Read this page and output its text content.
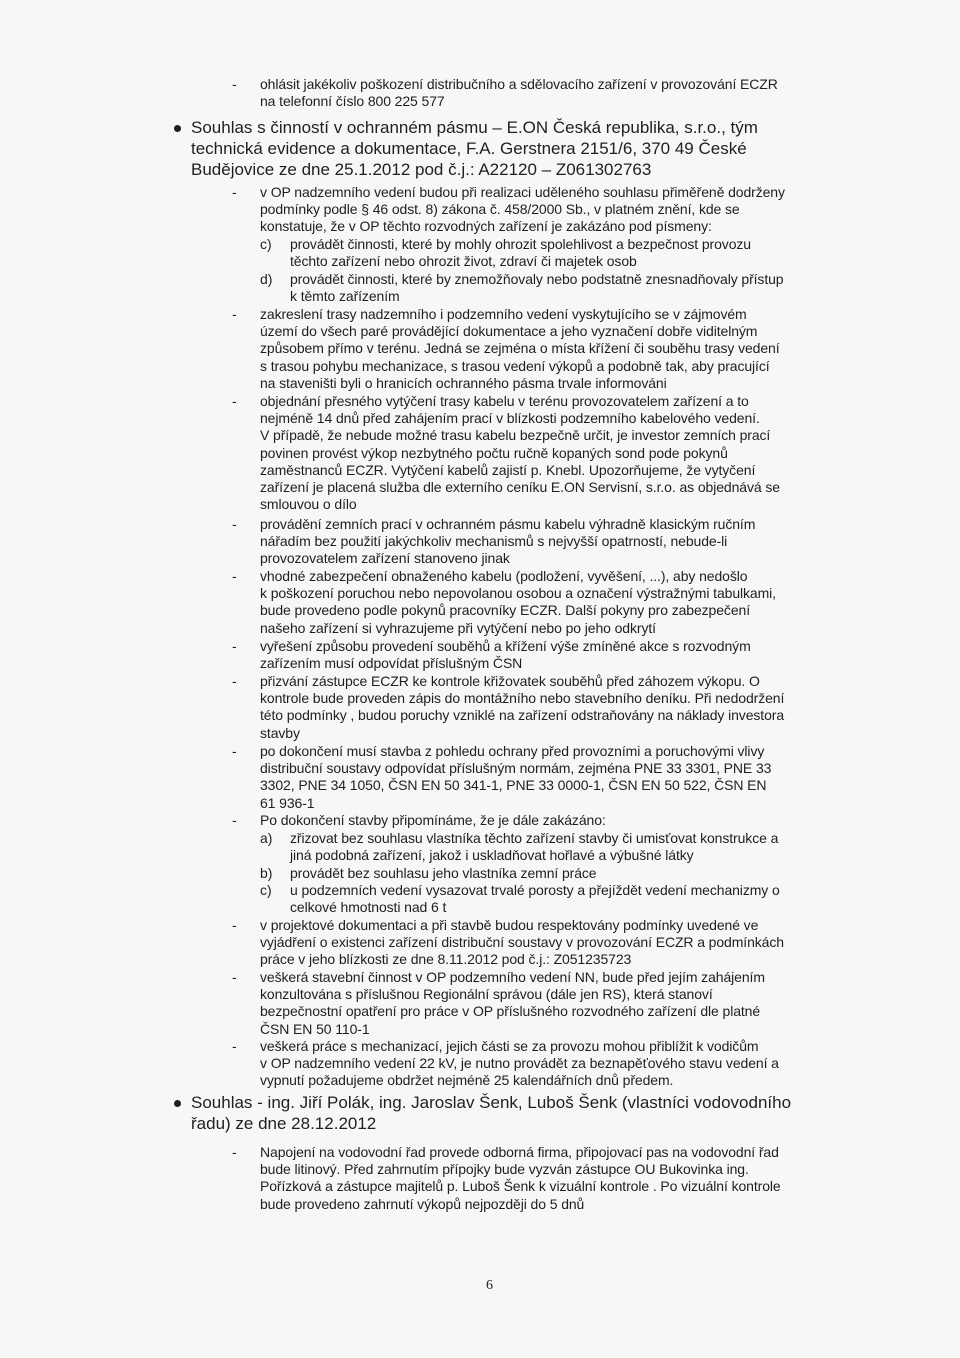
- ohlásit jakékoliv poškození distribučního a sdělovacího zařízení v provozování ECZR
na telefonní číslo 800 225 577
Souhlas s činností v ochranném pásmu – E.ON Česká republika, s.r.o., tým
technická evidence a dokumentace, F.A. Gerstnera 2151/6, 370 49 České
Budějovice ze dne 25.1.2012 pod č.j.: A22120 – Z061302763
- v OP nadzemního vedení budou při realizaci uděleného souhlasu přiměřeně dodrženy
podmínky podle § 46 odst. 8) zákona č. 458/2000 Sb., v platném znění, kde se
konstatuje, že v OP těchto rozvodných zařízení je zakázáno pod písmeny:
c) provádět činnosti, které by mohly ohrozit spolehlivost a bezpečnost provozu
těchto zařízení nebo ohrozit život, zdraví či majetek osob
d) provádět činnosti, které by znemožňovaly nebo podstatně znesnadňovaly přístup
k těmto zařízením
- zakreslení trasy nadzemního i podzemního vedení vyskytujícího se v zájmovém
území do všech paré provádějící dokumentace a jeho vyznačení dobře viditelným
způsobem přímo v terénu. Jedná se zejména o místa křížení či souběhu trasy vedení
s trasou pohybu mechanizace, s trasou vedení výkopů a podobně tak, aby pracující
na staveništi byli o hranicích ochranného pásma trvale informováni
- objednání přesného vytýčení trasy kabelu v terénu provozovatelem zařízení a to
nejméně 14 dnů před zahájením prací v blízkosti podzemního kabelového vedení.
V případě, že nebude možné trasu kabelu bezpečně určit, je investor zemních prací
povinen provést výkop nezbytného počtu ručně kopaných sond pode pokynů
zaměstnanců ECZR. Vytýčení kabelů zajistí p. Knebl. Upozorňujeme, že vytyčení
zařízení je placená služba dle externího ceníku E.ON Servisní, s.r.o. as objednává se
smlouvou o dílo
- provádění zemních prací v ochranném pásmu kabelu výhradně klasickým ručním
nářadím bez použití jakýchkoliv mechanismů s nejvyšší opatrností, nebude-li
provozovatelem zařízení stanoveno jinak
- vhodné zabezpečení obnaženého kabelu (podložení, vyvěšení, ...), aby nedošlo
k poškození poruchou nebo nepovolanou osobou a označení výstražnými tabulkami,
bude provedeno podle pokynů pracovníky ECZR. Další pokyny pro zabezpečení
našeho zařízení si vyhrazujeme při vytýčení nebo po jeho odkrytí
- vyřešení způsobu provedení souběhů a křížení výše zmíněné akce s rozvodným
zařízením musí odpovídat příslušným ČSN
- přizvání zástupce ECZR ke kontrole křižovatek souběhů před záhozem výkopu. O
kontrole bude proveden zápis do montážního nebo stavebního deníku. Při nedodržení
této podmínky , budou poruchy vzniklé na zařízení odstraňovány na náklady investora
stavby
- po dokončení musí stavba z pohledu ochrany před provozními a poruchovými vlivy
distribuční soustavy odpovídat příslušným normám, zejména PNE 33 3301, PNE 33
3302, PNE 34 1050, ČSN EN 50 341-1, PNE 33 0000-1, ČSN EN 50 522, ČSN EN
61 936-1
- Po dokončení stavby připomínáme, že je dále zakázáno:
a) zřizovat bez souhlasu vlastníka těchto zařízení stavby či umisťovat konstrukce a
jiná podobná zařízení, jakož i uskladňovat hořlavé a výbušné látky
b) provádět bez souhlasu jeho vlastníka zemní práce
c) u podzemních vedení vysazovat trvalé porosty a přejíždět vedení mechanizmy o
celkové hmotnosti nad 6 t
- v projektové dokumentaci a při stavbě budou respektovány podmínky uvedené ve
vyjádření o existenci zařízení distribuční soustavy v provozování ECZR a podmínkách
práce v jeho blízkosti ze dne 8.11.2012 pod č.j.: Z051235723
- veškerá stavební činnost v OP podzemního vedení NN, bude před jejím zahájením
konzultována s příslušnou Regionální správou (dále jen RS), která stanoví
bezpečnostní opatření pro práce v OP příslušného rozvodného zařízení dle platné
ČSN EN 50 110-1
- veškerá práce s mechanizací, jejich části se za provozu mohou přiblížit k vodičům
v OP nadzemního vedení 22 kV, je nutno provádět za beznapěťového stavu vedení a
vypnutí požadujeme obdržet nejméně 25 kalendářních dnů předem.
Souhlas - ing. Jiří Polák, ing. Jaroslav Šenk, Luboš Šenk (vlastníci vodovodního
řadu) ze dne 28.12.2012
- Napojení na vodovodní řad provede odborná firma, připojovací pas na vodovodní řad
bude litinový. Před zahrnutím přípojky bude vyzván zástupce OU Bukovinka ing.
Pořízková a zástupce majitelů p. Luboš Šenk k vizuální kontrole . Po vizuální kontrole
bude provedeno zahrnutí výkopů nejpozději do 5 dnů
6
